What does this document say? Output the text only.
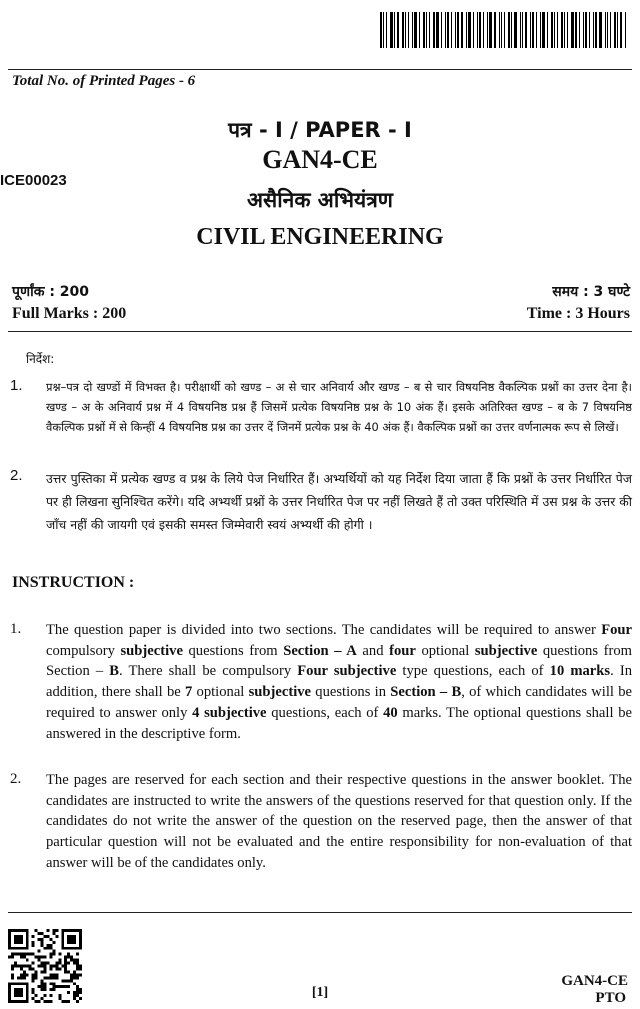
Total No. of Printed Pages - 6
पत्र - I / PAPER - I
GAN4-CE
ICE00023
असैनिक अभियंत्रण
CIVIL ENGINEERING
पूर्णांक : 200	समय : 3 घण्टे
Full Marks : 200	Time : 3 Hours
निर्देश:
1.	प्रश्न–पत्र दो खण्डों में विभक्त है। परीक्षार्थी को खण्ड – अ से चार अनिवार्य और खण्ड – ब से चार विषयनिष्ठ वैकल्पिक प्रश्नों का उत्तर देना है। खण्ड – अ के अनिवार्य प्रश्न में 4 विषयनिष्ठ प्रश्न हैं जिसमें प्रत्येक विषयनिष्ठ प्रश्न के 10 अंक हैं। इसके अतिरिक्त खण्ड – ब के 7 विषयनिष्ठ वैकल्पिक प्रश्नों में से किन्हीं 4 विषयनिष्ठ प्रश्न का उत्तर दें जिनमें प्रत्येक प्रश्न के 40 अंक हैं। वैकल्पिक प्रश्नों का उत्तर वर्णनात्मक रूप से लिखें।
2.	उत्तर पुस्तिका में प्रत्येक खण्ड व प्रश्न के लिये पेज निर्धारित हैं। अभ्यर्थियों को यह निर्देश दिया जाता हैं कि प्रश्नों के उत्तर निर्धारित पेज पर ही लिखना सुनिश्चित करेंगे। यदि अभ्यर्थी प्रश्नों के उत्तर निर्धारित पेज पर नहीं लिखते हैं तो उक्त परिस्थिति में उस प्रश्न के उत्तर की जाँच नहीं की जायगी एवं इसकी समस्त जिम्मेवारी स्वयं अभ्यर्थी की होगी ।
INSTRUCTION :
1.	The question paper is divided into two sections. The candidates will be required to answer Four compulsory subjective questions from Section – A and four optional subjective questions from Section – B. There shall be compulsory Four subjective type questions, each of 10 marks. In addition, there shall be 7 optional subjective questions in Section – B, of which candidates will be required to answer only 4 subjective questions, each of 40 marks. The optional questions shall be answered in the descriptive form.
2.	The pages are reserved for each section and their respective questions in the answer booklet. The candidates are instructed to write the answers of the questions reserved for that question only. If the candidates do not write the answer of the question on the reserved page, then the answer of that particular question will not be evaluated and the entire responsibility for non-evaluation of that answer will be of the candidates only.
[1]
GAN4-CE
PTO
